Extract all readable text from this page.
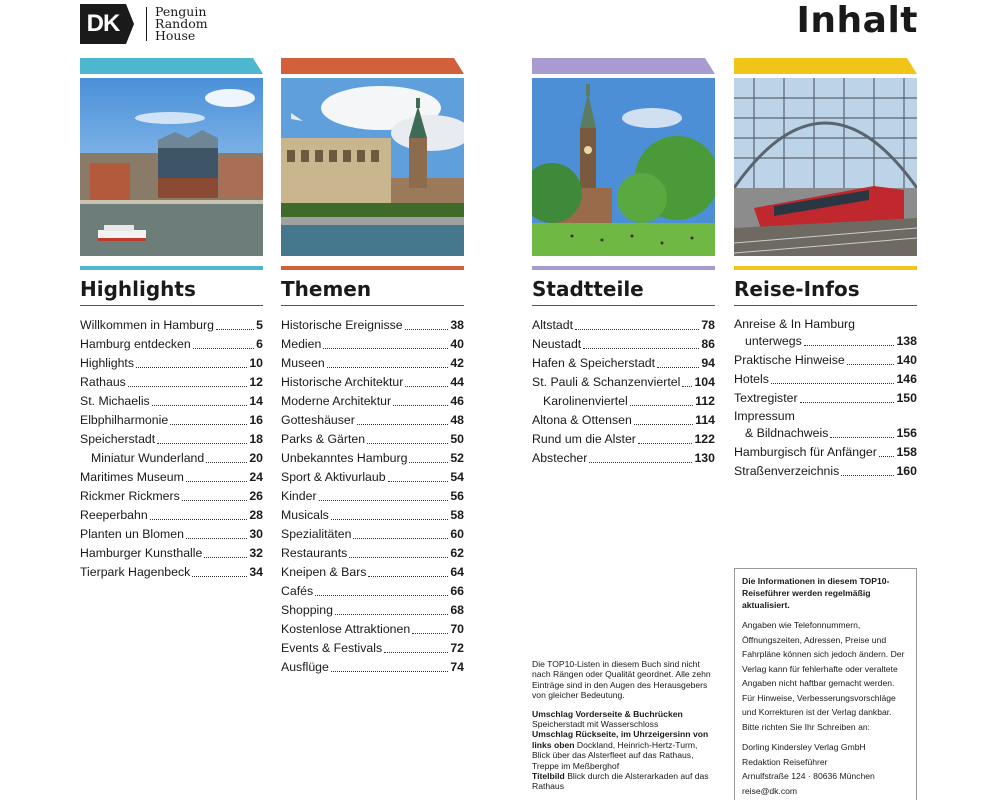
DK	Penguin
Random
House	Inhalt
Highlights
Willkommen in Hamburg	5
Hamburg entdecken	6
Highlights	10
Rathaus	12
St. Michaelis	14
Elbphilharmonie	16
Speicherstadt	18
Miniatur Wunderland	20
Maritimes Museum	24
Rickmer Rickmers	26
Reeperbahn	28
Planten un Blomen	30
Hamburger Kunsthalle	32
Tierpark Hagenbeck	34
Themen
Historische Ereignisse	38
Medien	40
Museen	42
Historische Architektur	44
Moderne Architektur	46
Gotteshäuser	48
Parks & Gärten	50
Unbekanntes Hamburg	52
Sport & Aktivurlaub	54
Kinder	56
Musicals	58
Spezialitäten	60
Restaurants	62
Kneipen & Bars	64
Cafés	66
Shopping	68
Kostenlose Attraktionen	70
Events & Festivals	72
Ausflüge	74
Stadtteile
Altstadt	78
Neustadt	86
Hafen & Speicherstadt	94
St. Pauli & Schanzenviertel 104
Karolinenviertel	112
Altona & Ottensen	114
Rund um die Alster	122
Abstecher	130
Reise-Infos
Anreise & In Hamburg
unterwegs	138
Praktische Hinweise	140
Hotels	146
Textregister	150
Impressum
& Bildnachweis	156
Hamburgisch für Anfänger 158
Straßenverzeichnis	160

Die TOP10-Listen in diesem Buch sind nicht nach Rängen oder Qualität geordnet. Alle zehn Einträge sind in den Augen des Herausgebers von gleicher Bedeutung.

Umschlag Vorderseite & Buchrücken
Speicherstadt mit Wasserschloss
Umschlag Rückseite, im Uhrzeigersinn von links oben Dockland, Heinrich-Hertz-Turm, Blick über das Alsterfleet auf das Rathaus, Treppe im Meßberghof
Titelbild Blick durch die Alsterarkaden auf das Rathaus
Die Informationen in diesem TOP10-Reiseführer werden regelmäßig aktualisiert.

Angaben wie Telefonnummern, Öffnungszeiten, Adressen, Preise und Fahrpläne können sich jedoch ändern. Der Verlag kann für fehlerhafte oder veraltete Angaben nicht haftbar gemacht werden. Für Hinweise, Verbesserungsvorschläge und Korrekturen ist der Verlag dankbar. Bitte richten Sie Ihr Schreiben an:

Dorling Kindersley Verlag GmbH
Redaktion Reiseführer
Arnulfstraße 124 · 80636 München
reise@dk.com
